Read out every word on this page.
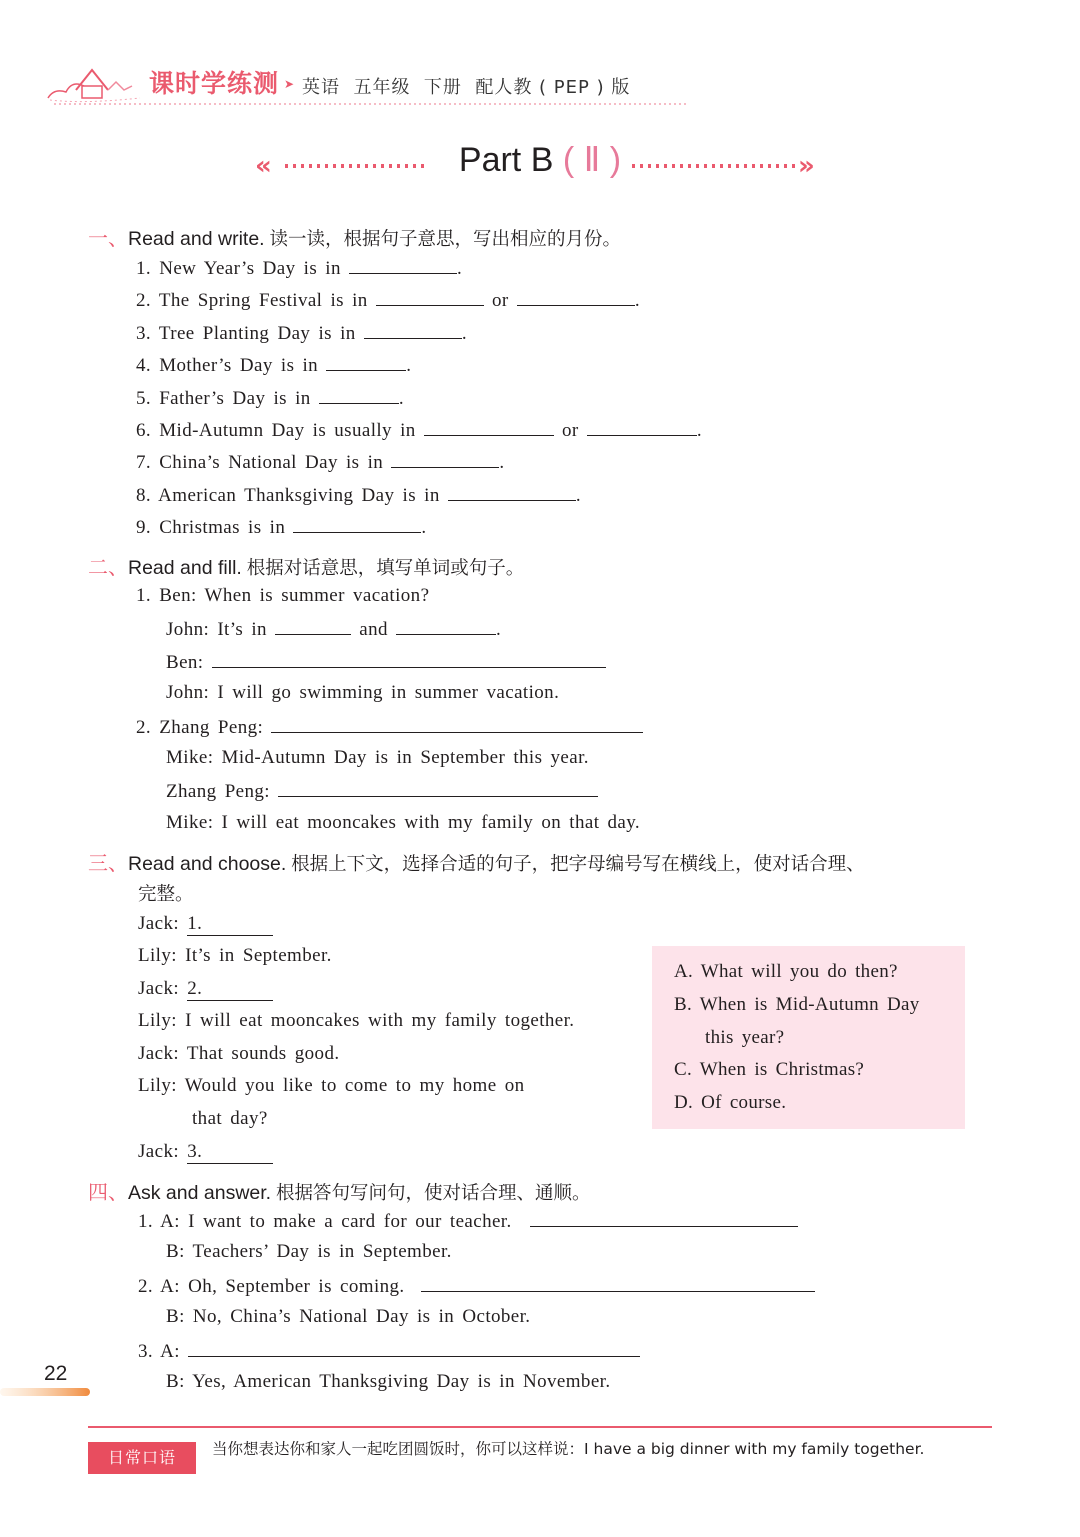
课时学练测 ➤ 英语  五年级  下册  配人教 ( PEP ) 版
«	Part B ( Ⅱ )	»
一、Read and write. 读一读，根据句子意思，写出相应的月份。
1. New Year’s Day is in	.
2. The Spring Festival is in	or	.
3. Tree Planting Day is in	.
4. Mother’s Day is in	.
5. Father’s Day is in	.
6. Mid-Autumn Day is usually in	or	.
7. China’s National Day is in	.
8. American Thanksgiving Day is in	.
9. Christmas is in	.
二、Read and fill. 根据对话意思，填写单词或句子。
1. Ben: When is summer vacation?
John: It’s in	and	.
Ben:
John: I will go swimming in summer vacation.
2. Zhang Peng:
Mike: Mid-Autumn Day is in September this year.
Zhang Peng:
Mike: I will eat mooncakes with my family on that day.
三、Read and choose. 根据上下文，选择合适的句子，把字母编号写在横线上，使对话合理、
完整。
Jack: 1.
Lily: It’s in September.
Jack: 2.
Lily: I will eat mooncakes with my family together.
Jack: That sounds good.
Lily: Would you like to come to my home on
that day?
Jack: 3.
A. What will you do then?
B. When is Mid-Autumn Day
this year?
C. When is Christmas?
D. Of course.
四、Ask and answer. 根据答句写问句，使对话合理、通顺。
1. A: I want to make a card for our teacher.
B: Teachers’ Day is in September.
2. A: Oh, September is coming.
B: No, China’s National Day is in October.
3. A:
B: Yes, American Thanksgiving Day is in November.
22
日常口语	当你想表达你和家人一起吃团圆饭时，你可以这样说：I have a big dinner with my family together.
